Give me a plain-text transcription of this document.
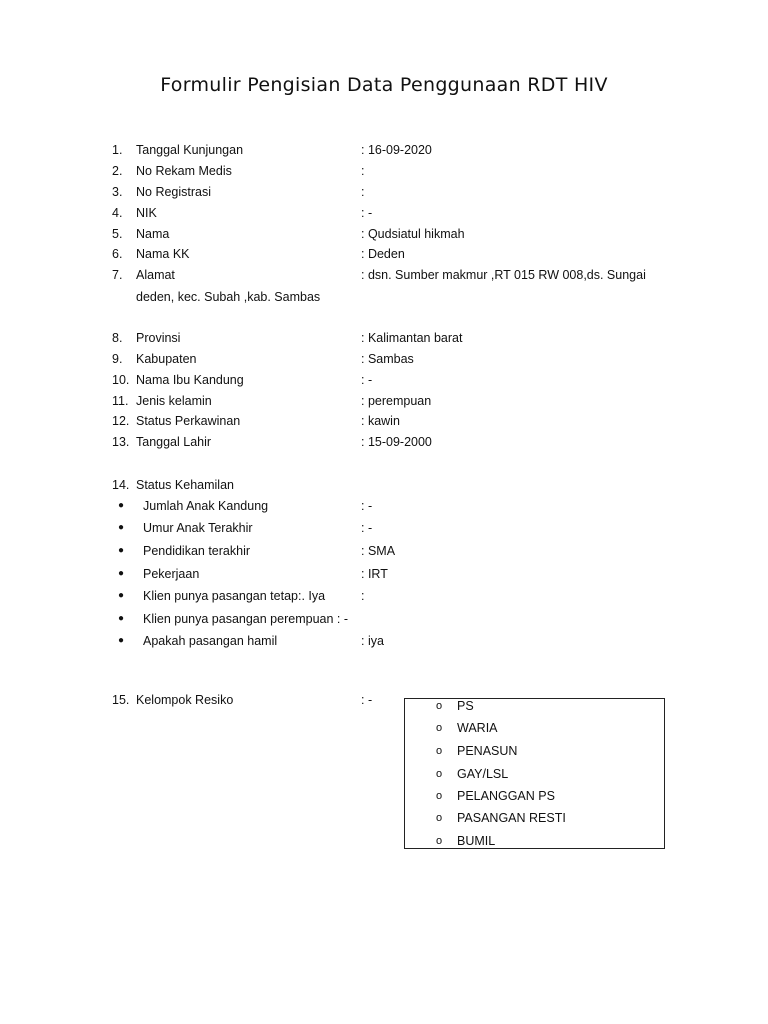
Formulir Pengisian Data Penggunaan RDT HIV
1. Tanggal Kunjungan	: 16-09-2020
2. No Rekam Medis	:
3. No Registrasi	:
4. NIK	: -
5. Nama	: Qudsiatul hikmah
6. Nama KK	: Deden
7. Alamat	: dsn. Sumber makmur ,RT 015 RW 008,ds. Sungai
deden, kec. Subah ,kab. Sambas
8. Provinsi	: Kalimantan barat
9. Kabupaten	: Sambas
10. Nama Ibu Kandung	: -
11. Jenis kelamin	: perempuan
12. Status Perkawinan	: kawin
13. Tanggal Lahir	: 15-09-2000
14. Status Kehamilan
● Jumlah Anak Kandung	: -
● Umur Anak Terakhir	: -
● Pendidikan terakhir	: SMA
● Pekerjaan	: IRT
● Klien punya pasangan tetap:. Iya	:
● Klien punya pasangan perempuan : -
● Apakah pasangan hamil	: iya
15. Kelompok Resiko	: -	o PS
o WARIA
o PENASUN
o GAY/LSL
o PELANGGAN PS
o PASANGAN RESTI
o BUMIL
